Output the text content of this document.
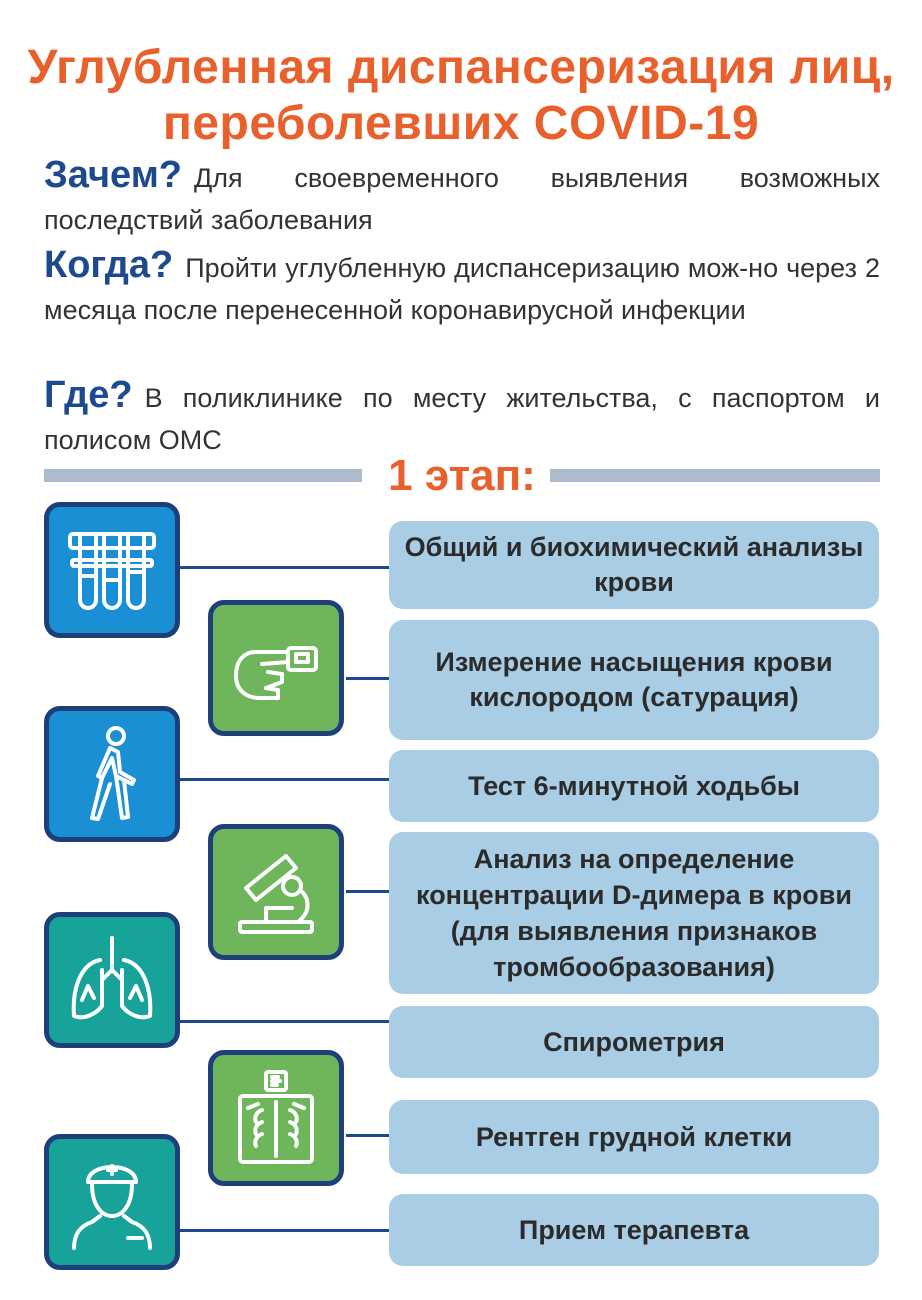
Углубленная диспансеризация лиц,
переболевших COVID-19
Зачем? Для своевременного выявления возможных последствий заболевания
Когда? Пройти углубленную диспансеризацию мож-но через 2 месяца после перенесенной коронавирусной инфекции
Где? В поликлинике по месту жительства, с паспортом и полисом ОМС
1 этап:
Общий и биохимический анализы крови
Измерение насыщения крови кислородом (сатурация)
Тест 6-минутной ходьбы
Анализ на определение концентрации D-димера в крови (для выявления признаков тромбообразования)
Спирометрия
Рентген грудной клетки
Прием терапевта
